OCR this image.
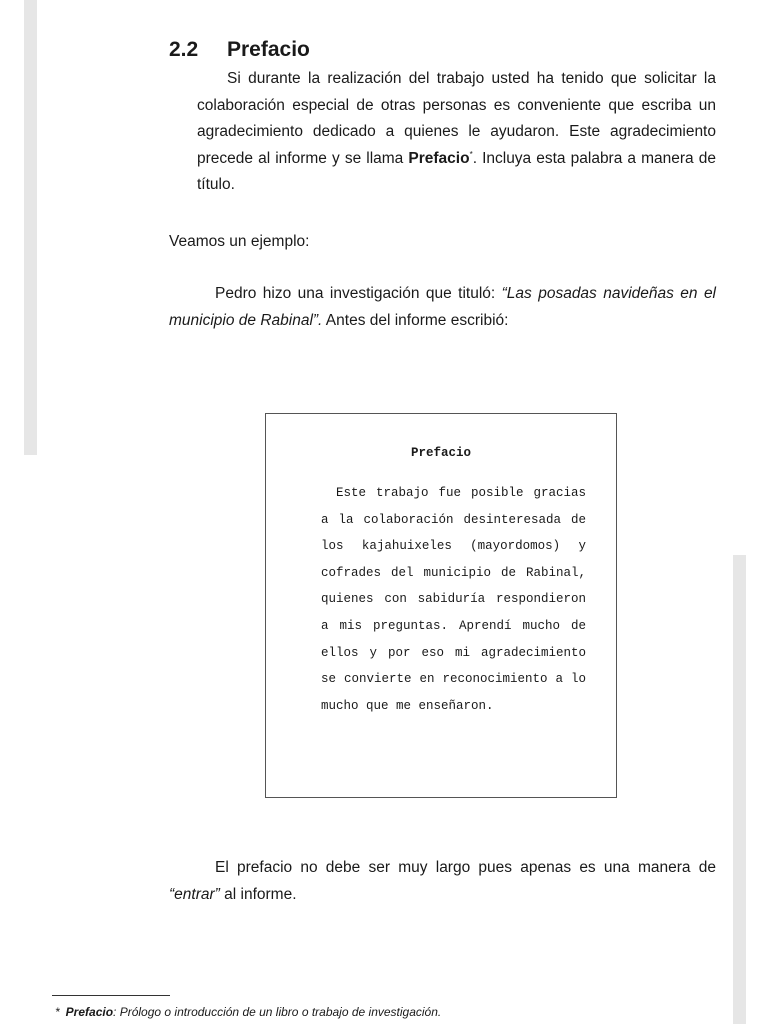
2.2 Prefacio

Si durante la realización del trabajo usted ha tenido que solicitar la colaboración especial de otras personas es conveniente que escriba un agradecimiento dedicado a quienes le ayudaron. Este agradecimiento precede al informe y se llama Prefacio*. Incluya esta palabra a manera de título.

Veamos un ejemplo:

Pedro hizo una investigación que tituló: “Las posadas navideñas en el municipio de Rabinal”. Antes del informe escribió:

Prefacio
Este trabajo fue posible gracias a la colaboración desinteresada de los kajahuixeles (mayordomos) y cofrades del municipio de Rabinal, quienes con sabiduría respondieron a mis preguntas. Aprendí mucho de ellos y por eso mi agradecimiento se convierte en reconocimiento a lo mucho que me enseñaron.

El prefacio no debe ser muy largo pues apenas es una manera de “entrar” al informe.

* Prefacio: Prólogo o introducción de un libro o trabajo de investigación.
